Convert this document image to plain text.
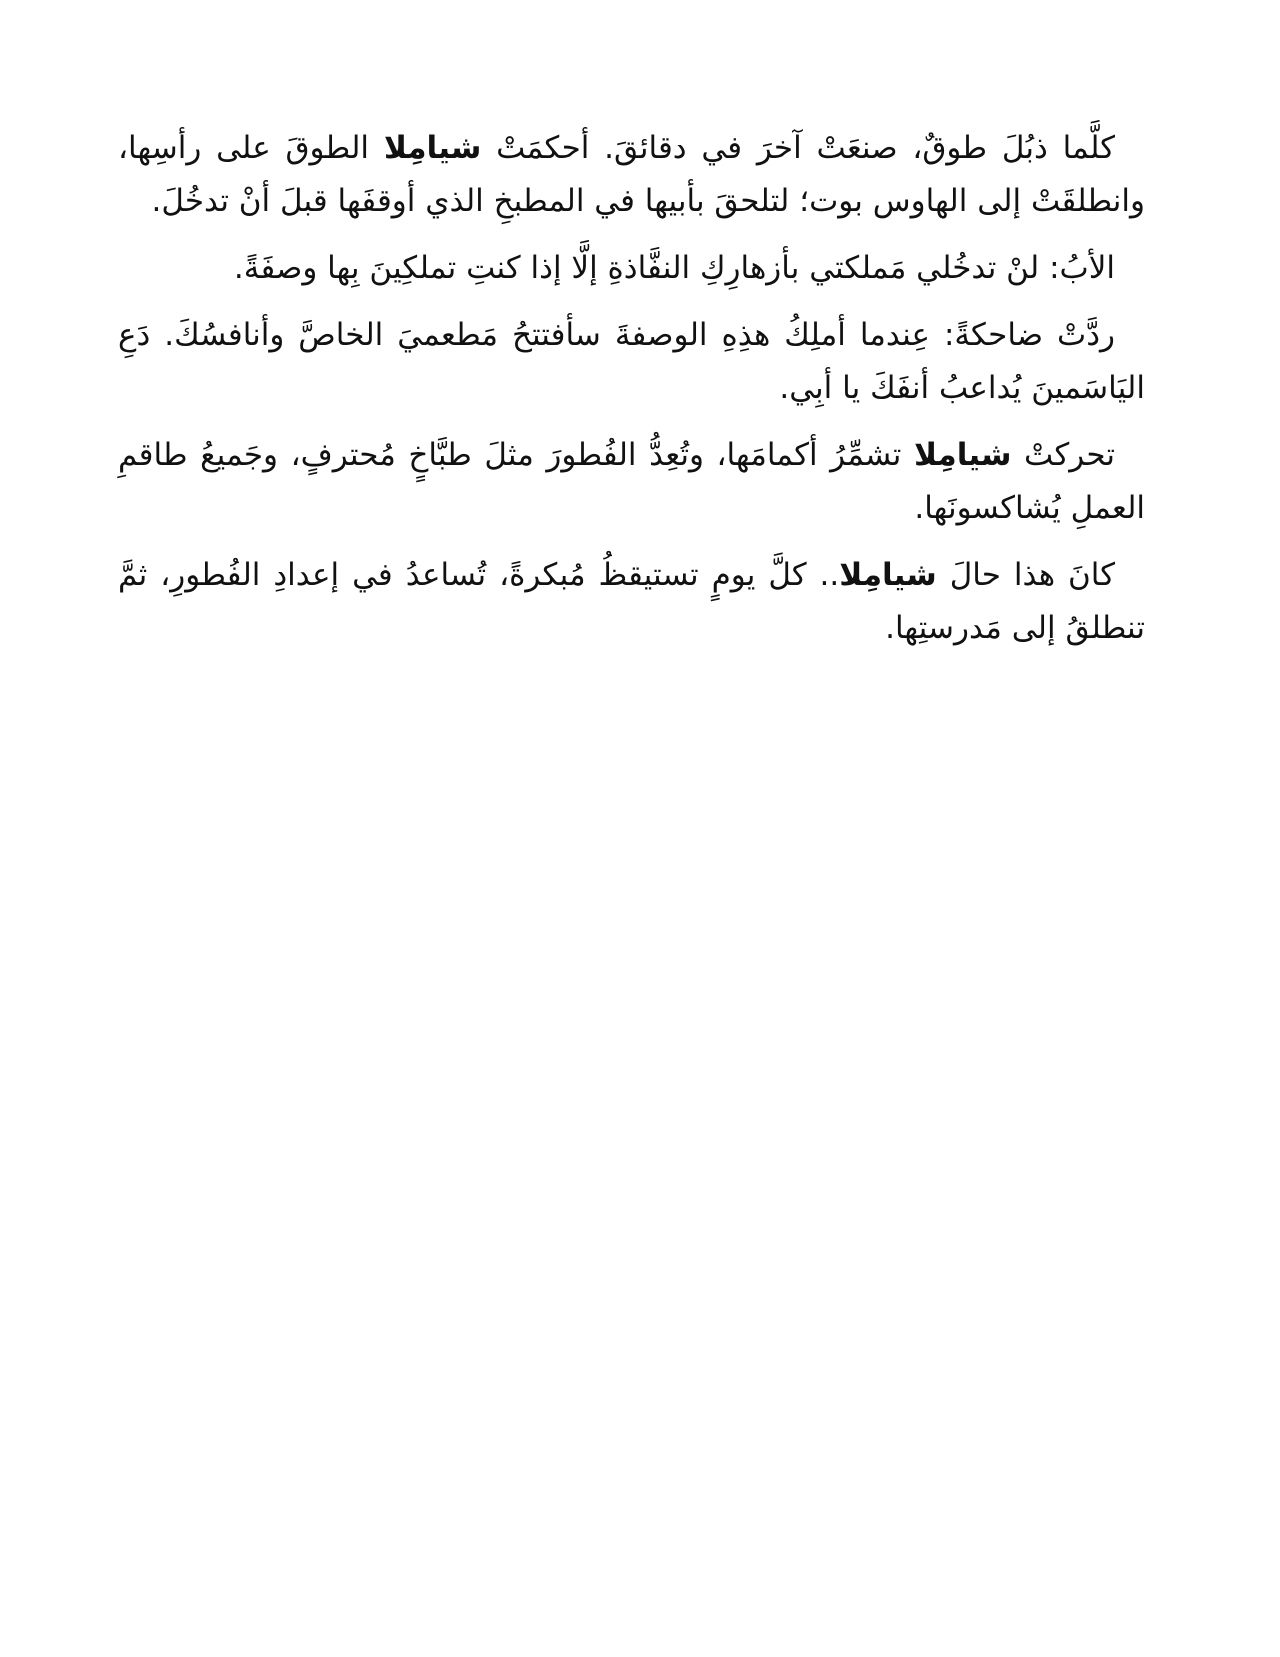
كلَّما ذبُلَ طوقٌ، صنعَتْ آخرَ في دقائقَ. أحكمَتْ شيامِلا الطوقَ على رأسِها، وانطلقَتْ إلى الهاوس بوت؛ لتلحقَ بأبيها في المطبخِ الذي أوقفَها قبلَ أنْ تدخُلَ.

الأبُ: لنْ تدخُلي مَملكتي بأزهارِكِ النفَّاذةِ إلَّا إذا كنتِ تملكِينَ بِها وصفَةً.

ردَّتْ ضاحكةً: عِندما أملِكُ هذِهِ الوصفةَ سأفتتحُ مَطعميَ الخاصَّ وأنافسُكَ. دَعِ اليَاسَمينَ يُداعبُ أنفَكَ يا أبِي.

تحركتْ شيامِلا تشمِّرُ أكمامَها، وتُعِدُّ الفُطورَ مثلَ طبَّاخٍ مُحترفٍ، وجَميعُ طاقمِ العملِ يُشاكسونَها.

كانَ هذا حالَ شيامِلا.. كلَّ يومٍ تستيقظُ مُبكرةً، تُساعدُ في إعدادِ الفُطورِ، ثمَّ تنطلقُ إلى مَدرستِها.
